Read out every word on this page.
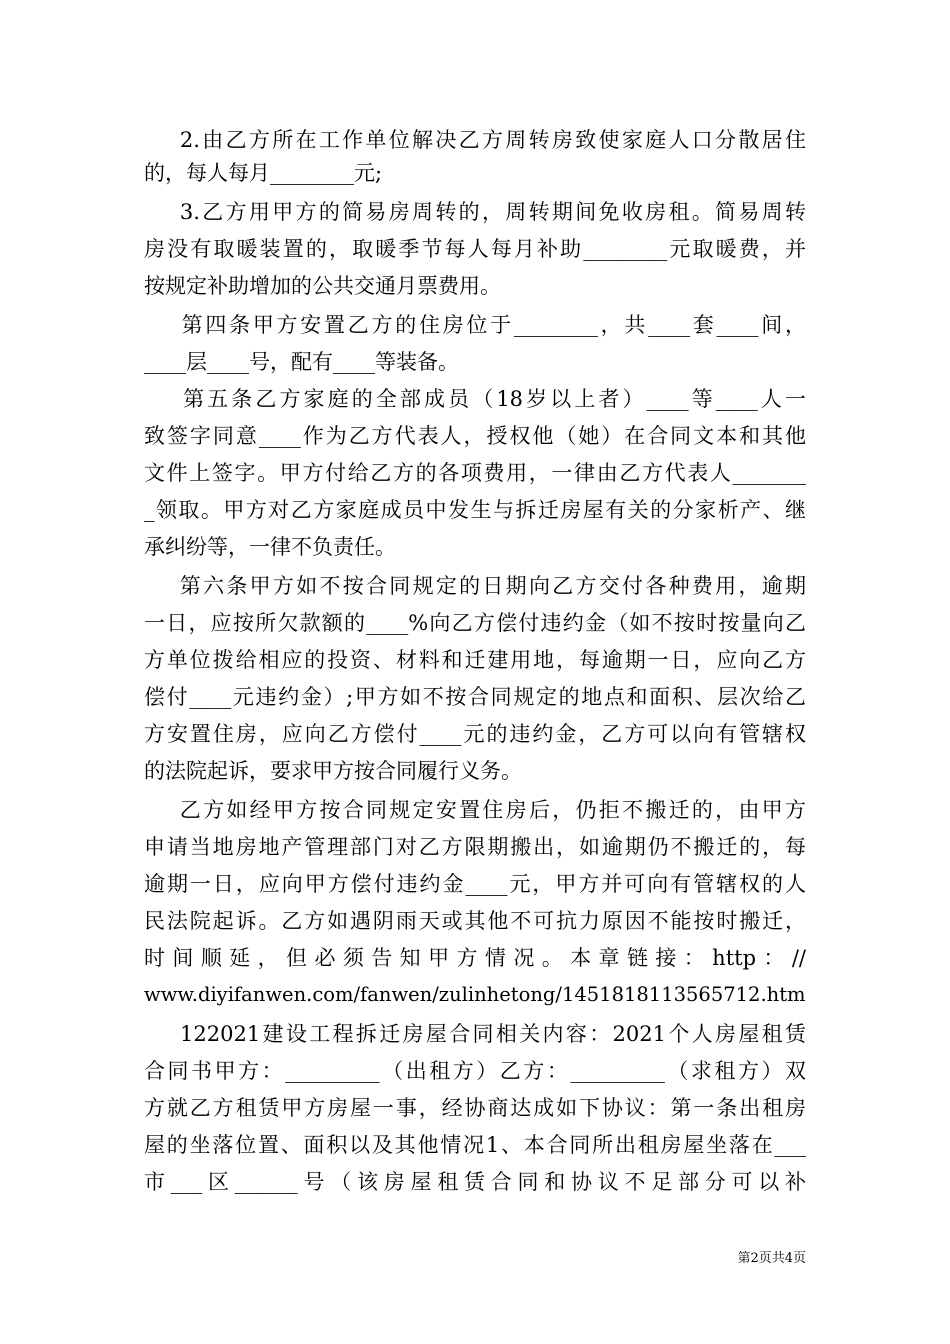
2.由乙方所在工作单位解决乙方周转房致使家庭人口分散居住
的，每人每月________元;
3.乙方用甲方的简易房周转的，周转期间免收房租。简易周转
房没有取暖装置的，取暖季节每人每月补助________元取暖费，并
按规定补助增加的公共交通月票费用。
第四条甲方安置乙方的住房位于________，共____套____间，
____层____号，配有____等装备。
第五条乙方家庭的全部成员（18岁以上者）____等____人一
致签字同意____作为乙方代表人，授权他（她）在合同文本和其他
文件上签字。甲方付给乙方的各项费用，一律由乙方代表人_______
_领取。甲方对乙方家庭成员中发生与拆迁房屋有关的分家析产、继
承纠纷等，一律不负责任。
第六条甲方如不按合同规定的日期向乙方交付各种费用，逾期
一日，应按所欠款额的____%向乙方偿付违约金（如不按时按量向乙
方单位拨给相应的投资、材料和迁建用地，每逾期一日，应向乙方
偿付____元违约金）;甲方如不按合同规定的地点和面积、层次给乙
方安置住房，应向乙方偿付____元的违约金，乙方可以向有管辖权
的法院起诉，要求甲方按合同履行义务。
乙方如经甲方按合同规定安置住房后，仍拒不搬迁的，由甲方
申请当地房地产管理部门对乙方限期搬出，如逾期仍不搬迁的，每
逾期一日，应向甲方偿付违约金____元，甲方并可向有管辖权的人
民法院起诉。乙方如遇阴雨天或其他不可抗力原因不能按时搬迁，
时间顺延，但必须告知甲方情况。本章链接：http：//
www.diyifanwen.com/fanwen/zulinhetong/1451818113565712.htm
122021建设工程拆迁房屋合同相关内容：2021个人房屋租赁
合同书甲方：_________（出租方）乙方：_________（求租方）双
方就乙方租赁甲方房屋一事，经协商达成如下协议：第一条出租房
屋的坐落位置、面积以及其他情况1、本合同所出租房屋坐落在___
市___区______号（该房屋租赁合同和协议不足部分可以补
第2页共4页
